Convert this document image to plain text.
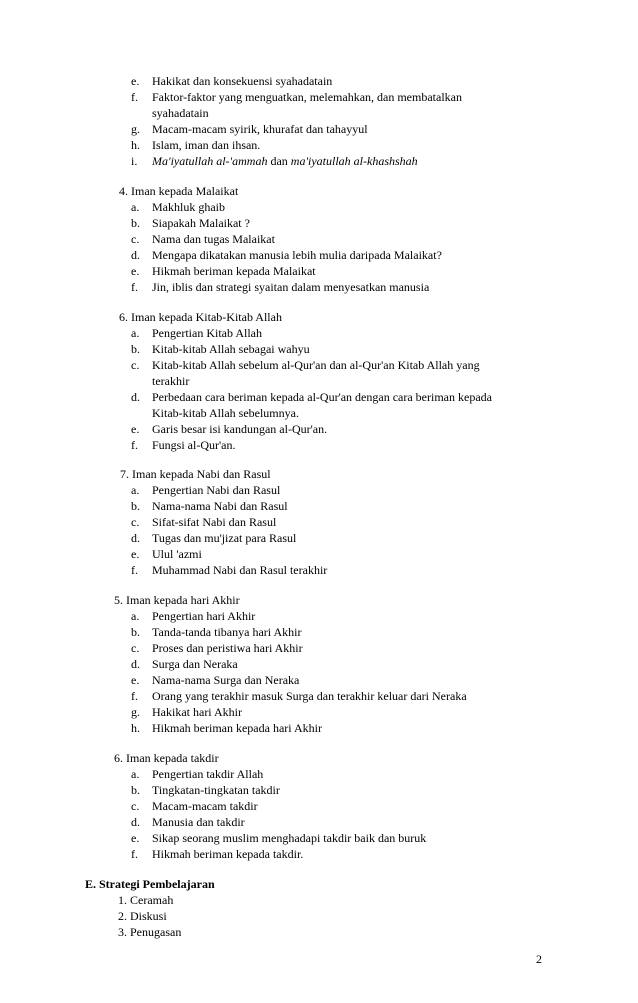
e. Hakikat dan konsekuensi syahadatain
f. Faktor-faktor yang menguatkan, melemahkan, dan membatalkan
syahadatain
g. Macam-macam syirik, khurafat dan tahayyul
h. Islam, iman dan ihsan.
i. Ma'iyatullah al-'ammah dan ma'iyatullah al-khashshah
4. Iman kepada Malaikat
a. Makhluk ghaib
b. Siapakah Malaikat ?
c. Nama dan tugas Malaikat
d. Mengapa dikatakan manusia lebih mulia daripada Malaikat?
e. Hikmah beriman kepada Malaikat
f. Jin, iblis dan strategi syaitan dalam menyesatkan manusia
6. Iman kepada Kitab-Kitab Allah
a. Pengertian Kitab Allah
b. Kitab-kitab Allah sebagai wahyu
c. Kitab-kitab Allah sebelum al-Qur'an dan al-Qur'an Kitab Allah yang
terakhir
d. Perbedaan cara beriman kepada al-Qur'an dengan cara beriman kepada
Kitab-kitab Allah sebelumnya.
e. Garis besar isi kandungan al-Qur'an.
f. Fungsi al-Qur'an.
7. Iman kepada Nabi dan Rasul
a. Pengertian Nabi dan Rasul
b. Nama-nama Nabi dan Rasul
c. Sifat-sifat Nabi dan Rasul
d. Tugas dan mu'jizat para Rasul
e. Ulul 'azmi
f. Muhammad Nabi dan Rasul terakhir
5. Iman kepada hari Akhir
a. Pengertian hari Akhir
b. Tanda-tanda tibanya hari Akhir
c. Proses dan peristiwa hari Akhir
d. Surga dan Neraka
e. Nama-nama Surga dan Neraka
f. Orang yang terakhir masuk Surga dan terakhir keluar dari Neraka
g. Hakikat hari Akhir
h. Hikmah beriman kepada hari Akhir
6. Iman kepada takdir
a. Pengertian takdir Allah
b. Tingkatan-tingkatan takdir
c. Macam-macam takdir
d. Manusia dan takdir
e. Sikap seorang muslim menghadapi takdir baik dan buruk
f. Hikmah beriman kepada takdir.
E. Strategi Pembelajaran
1. Ceramah
2. Diskusi
3. Penugasan
2
